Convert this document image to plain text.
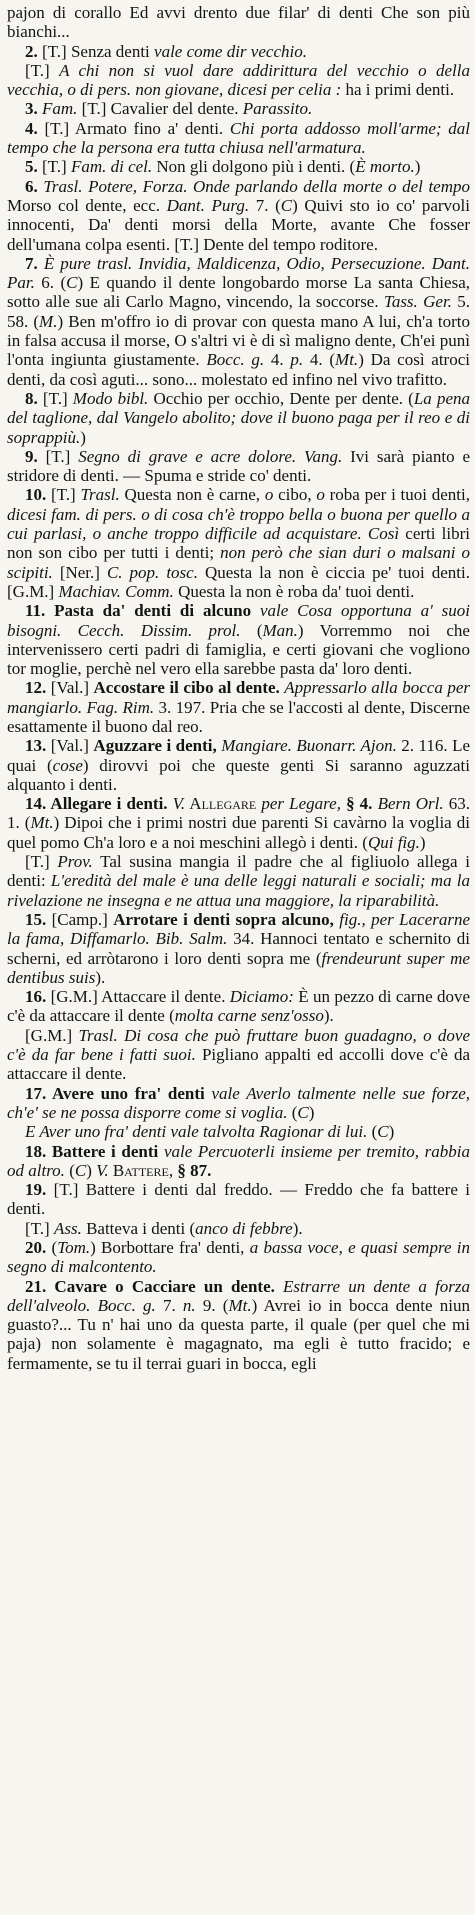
pajon di corallo Ed avvi drento due filar' di denti Che son più bianchi...

2. [T.] Senza denti vale come dir vecchio.

[T.] A chi non si vuol dare addirittura del vecchio o della vecchia, o di pers. non giovane, dicesi per celia : ha i primi denti.

3. Fam. [T.] Cavalier del dente. Parassito.

4. [T.] Armato fino a' denti. Chi porta addosso moll'arme; dal tempo che la persona era tutta chiusa nell'armatura.

5. [T.] Fam. di cel. Non gli dolgono più i denti. (È morto.)

6. Trasl. Potere, Forza. Onde parlando della morte o del tempo Morso col dente, ecc. Dant. Purg. 7. (C) Quivi sto io co' parvoli innocenti, Da' denti morsi della Morte, avante Che fosser dell'umana colpa esenti. [T.] Dente del tempo roditore.

7. È pure trasl. Invidia, Maldicenza, Odio, Persecuzione. Dant. Par. 6. (C) E quando il dente longobardo morse La santa Chiesa, sotto alle sue ali Carlo Magno, vincendo, la soccorse. Tass. Ger. 5. 58. (M.) Ben m'offro io di provar con questa mano A lui, ch'a torto in falsa accusa il morse, O s'altri vi è di sì maligno dente, Ch'ei punì l'onta ingiunta giustamente. Bocc. g. 4. p. 4. (Mt.) Da così atroci denti, da così aguti... sono... molestato ed infino nel vivo trafitto.

8. [T.] Modo bibl. Occhio per occhio, Dente per dente. (La pena del taglione, dal Vangelo abolito; dove il buono paga per il reo e di soprappiù.)

9. [T.] Segno di grave e acre dolore. Vang. Ivi sarà pianto e stridore di denti. — Spuma e stride co' denti.

10. [T.] Trasl. Questa non è carne, o cibo, o roba per i tuoi denti, dicesi fam. di pers. o di cosa ch'è troppo bella o buona per quello a cui parlasi, o anche troppo difficile ad acquistare. Così certi libri non son cibo per tutti i denti; non però che sian duri o malsani o scipiti. [Ner.] C. pop. tosc. Questa la non è ciccia pe' tuoi denti. [G.M.] Machiav. Comm. Questa la non è roba da' tuoi denti.

11. Pasta da' denti di alcuno vale Cosa opportuna a' suoi bisogni. Cecch. Dissim. prol. (Man.) Vorremmo noi che intervenissero certi padri di famiglia, e certi giovani che vogliono tor moglie, perchè nel vero ella sarebbe pasta da' loro denti.

12. [Val.] Accostare il cibo al dente. Appressarlo alla bocca per mangiarlo. Fag. Rim. 3. 197. Pria che se l'accosti al dente, Discerne esattamente il buono dal reo.

13. [Val.] Aguzzare i denti, Mangiare. Buonarr. Ajon. 2. 116. Le quai (cose) dirovvi poi che queste genti Si saranno aguzzati alquanto i denti.

14. Allegare i denti. V. Allegare per Legare, § 4. Bern Orl. 63. 1. (Mt.) Dipoi che i primi nostri due parenti Si cavàrno la voglia di quel pomo Ch'a loro e a noi meschini allegò i denti. (Qui fig.)

[T.] Prov. Tal susina mangia il padre che al figliuolo allega i denti: L'eredità del male è una delle leggi naturali e sociali; ma la rivelazione ne insegna e ne attua una maggiore, la riparabilità.

15. [Camp.] Arrotare i denti sopra alcuno, fig., per Lacerarne la fama, Diffamarlo. Bib. Salm. 34. Hannoci tentato e schernito di scherni, ed arròtarono i loro denti sopra me (frendeurunt super me dentibus suis).

16. [G.M.] Attaccare il dente. Diciamo: È un pezzo di carne dove c'è da attaccare il dente (molta carne senz'osso).

[G.M.] Trasl. Di cosa che può fruttare buon guadagno, o dove c'è da far bene i fatti suoi. Pigliano appalti ed accolli dove c'è da attaccare il dente.

17. Avere uno fra' denti vale Averlo talmente nelle sue forze, ch'e' se ne possa disporre come si voglia. (C)

E Aver uno fra' denti vale talvolta Ragionar di lui. (C)

18. Battere i denti vale Percuoterli insieme per tremito, rabbia od altro. (C) V. Battere, § 87.

19. [T.] Battere i denti dal freddo. — Freddo che fa battere i denti.

[T.] Ass. Batteva i denti (anco di febbre).

20. (Tom.) Borbottare fra' denti, a bassa voce, e quasi sempre in segno di malcontento.

21. Cavare o Cacciare un dente. Estrarre un dente a forza dell'alveolo. Bocc. g. 7. n. 9. (Mt.) Avrei io in bocca dente niun guasto?... Tu n' hai uno da questa parte, il quale (per quel che mi paja) non solamente è magagnato, ma egli è tutto fracido; e fermamente, se tu il terrai guari in bocca, egli
